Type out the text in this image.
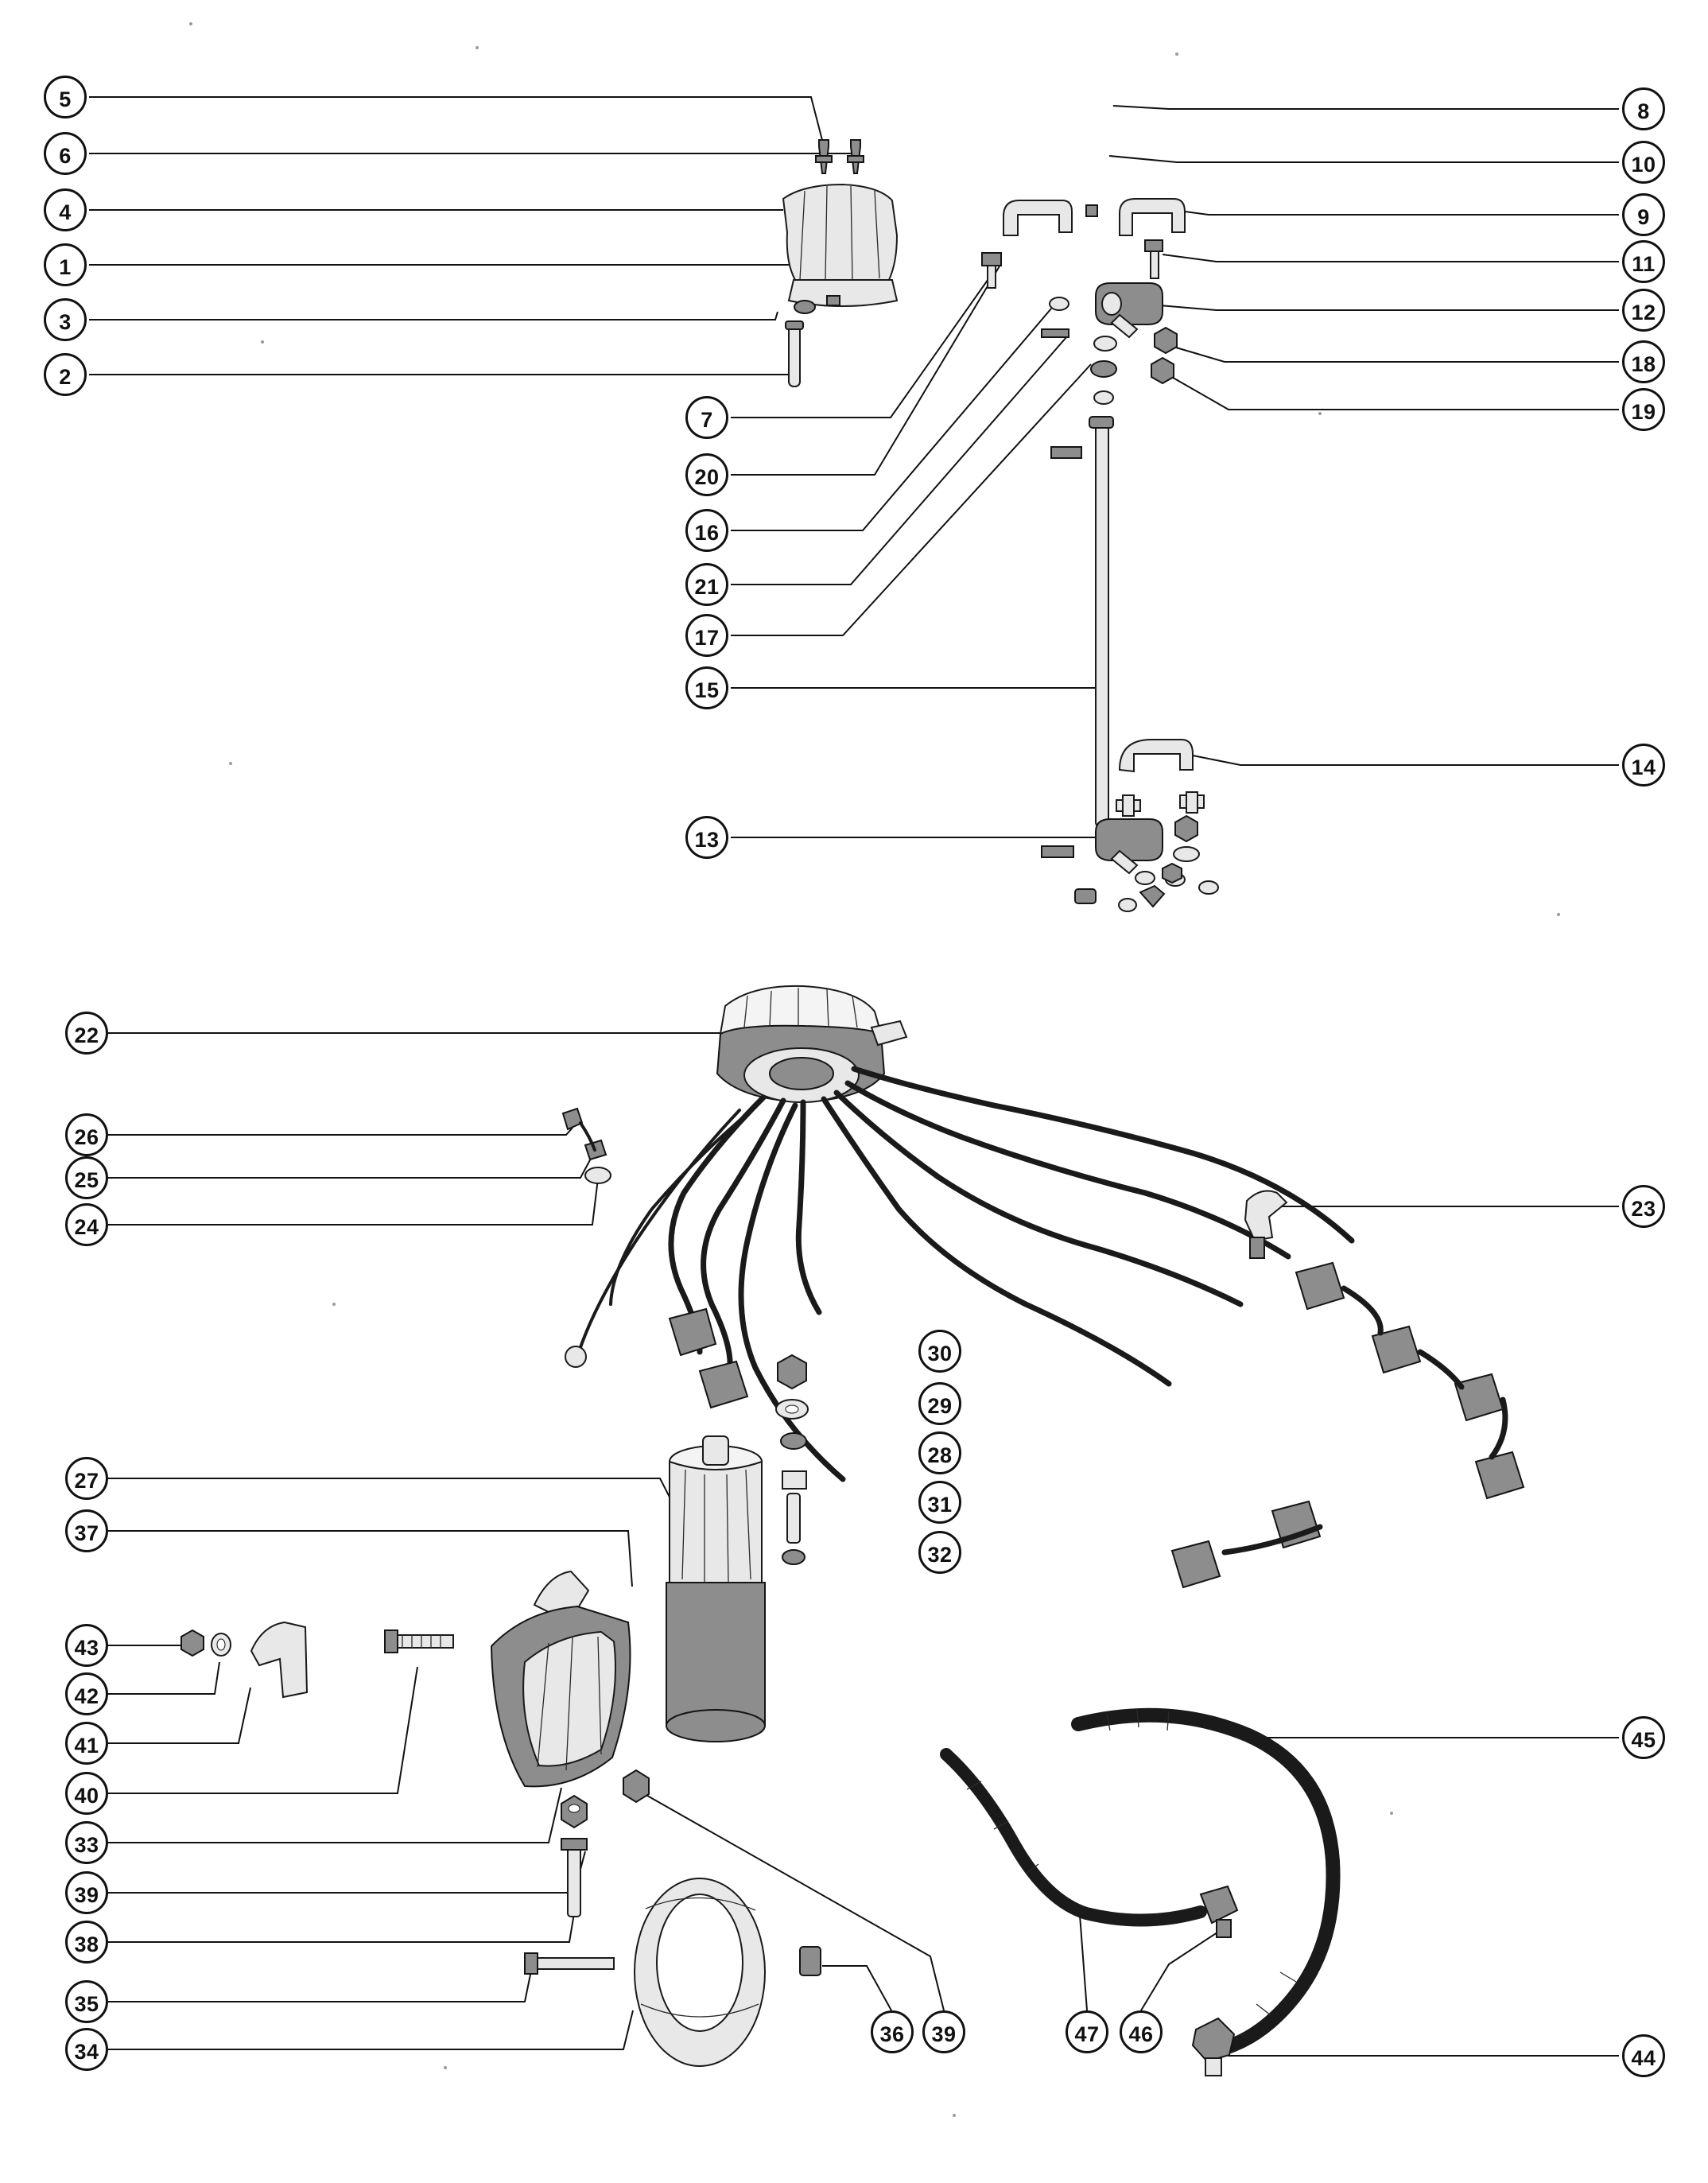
5
6
4
1
3
2
8
10
9
11
12
18
19
7
20
16
21
17
15
14
13
22
26
25
24
23
30
29
28
31
32
27
37
43
42
41
40
33
39
38
35
34
36	39
45
47	46
44
